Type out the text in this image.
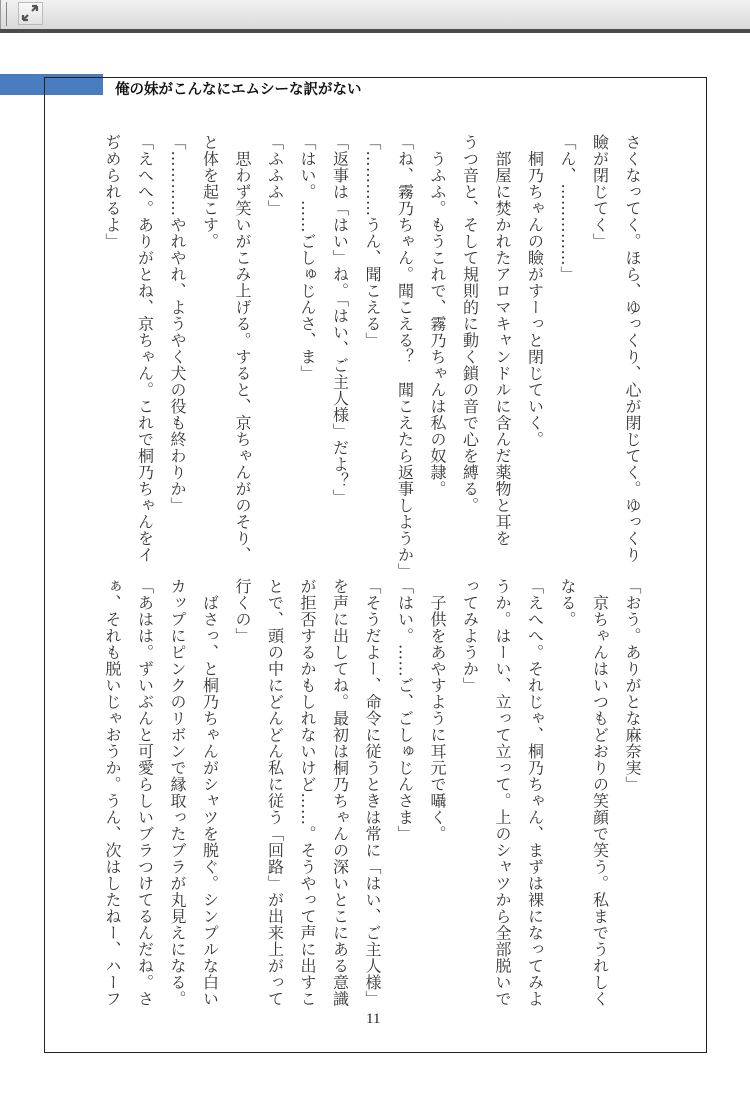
俺の妹がこんなにエムシーな訳がない
さくなってく。ほら、ゆっくり、心が閉じてく。ゆっくり
瞼が閉じてく」
「ん、……………」
　桐乃ちゃんの瞼がすーっと閉じていく。
　部屋に焚かれたアロマキャンドルに含んだ薬物と耳を
うつ音と、そして規則的に動く鎖の音で心を縛る。
　うふふ。もうこれで、霧乃ちゃんは私の奴隷。
「ね、霧乃ちゃん。聞こえる？　聞こえたら返事しようか」
「…………うん、聞こえる」
「返事は「はい」ね。「はい、ご主人様」だよ？」
「はい。……ごしゅじんさ、ま」
「ふふふ」
　思わず笑いがこみ上げる。すると、京ちゃんがのそり、
と体を起こす。
「…………やれやれ、ようやく犬の役も終わりか」
「えへへ。ありがとね、京ちゃん。これで桐乃ちゃんをイ
ぢめられるよ」
「おう。ありがとな麻奈実」
　京ちゃんはいつもどおりの笑顔で笑う。私までうれしく
なる。
「えへへ。それじゃ、桐乃ちゃん、まずは裸になってみよ
うか。はーい、立って立って。上のシャツから全部脱いで
ってみようか」
　子供をあやすように耳元で囁く。
「はい。……ご、ごしゅじんさま」
「そうだよー、命令に従うときは常に「はい、ご主人様」
を声に出してね。最初は桐乃ちゃんの深いとこにある意識
が拒否するかもしれないけど……。そうやって声に出すこ
とで、頭の中にどんどん私に従う「回路」が出来上がって
行くの」
　ばさっ、と桐乃ちゃんがシャツを脱ぐ。シンプルな白い
カップにピンクのリボンで縁取ったブラが丸見えになる。
「あはは。ずいぶんと可愛らしいブラつけてるんだね。さ
ぁ、それも脱いじゃおうか。うん、次はしたねー、ハーフ
11
